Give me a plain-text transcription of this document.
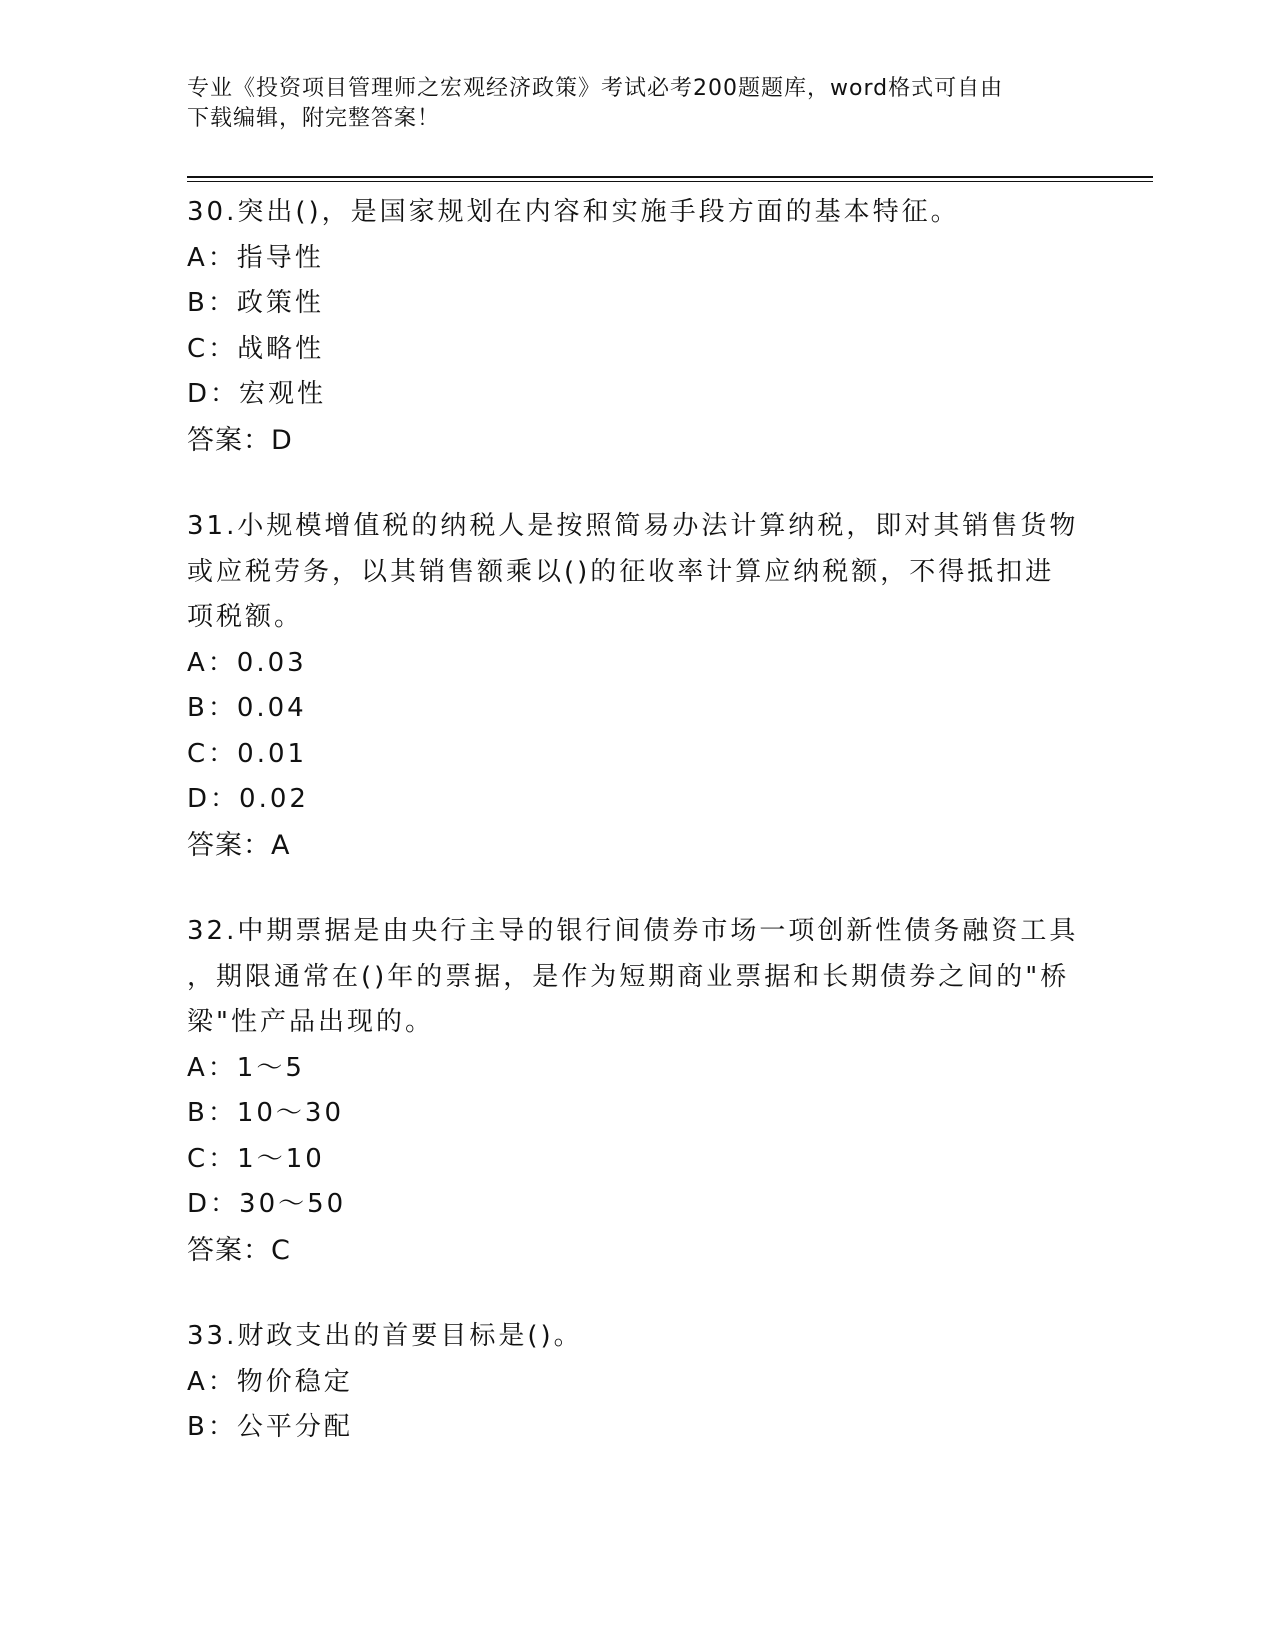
专业《投资项目管理师之宏观经济政策》考试必考200题题库，word格式可自由
下载编辑，附完整答案！

30.突出()，是国家规划在内容和实施手段方面的基本特征。

A：指导性

B：政策性

C：战略性

D：宏观性

答案：D

31.小规模增值税的纳税人是按照简易办法计算纳税，即对其销售货物

或应税劳务，以其销售额乘以()的征收率计算应纳税额，不得抵扣进

项税额。

A：0.03

B：0.04

C：0.01

D：0.02

答案：A

32.中期票据是由央行主导的银行间债券市场一项创新性债务融资工具

，期限通常在()年的票据，是作为短期商业票据和长期债券之间的"桥

梁"性产品出现的。

A：1～5

B：10～30

C：1～10

D：30～50

答案：C

33.财政支出的首要目标是()。

A：物价稳定

B：公平分配
